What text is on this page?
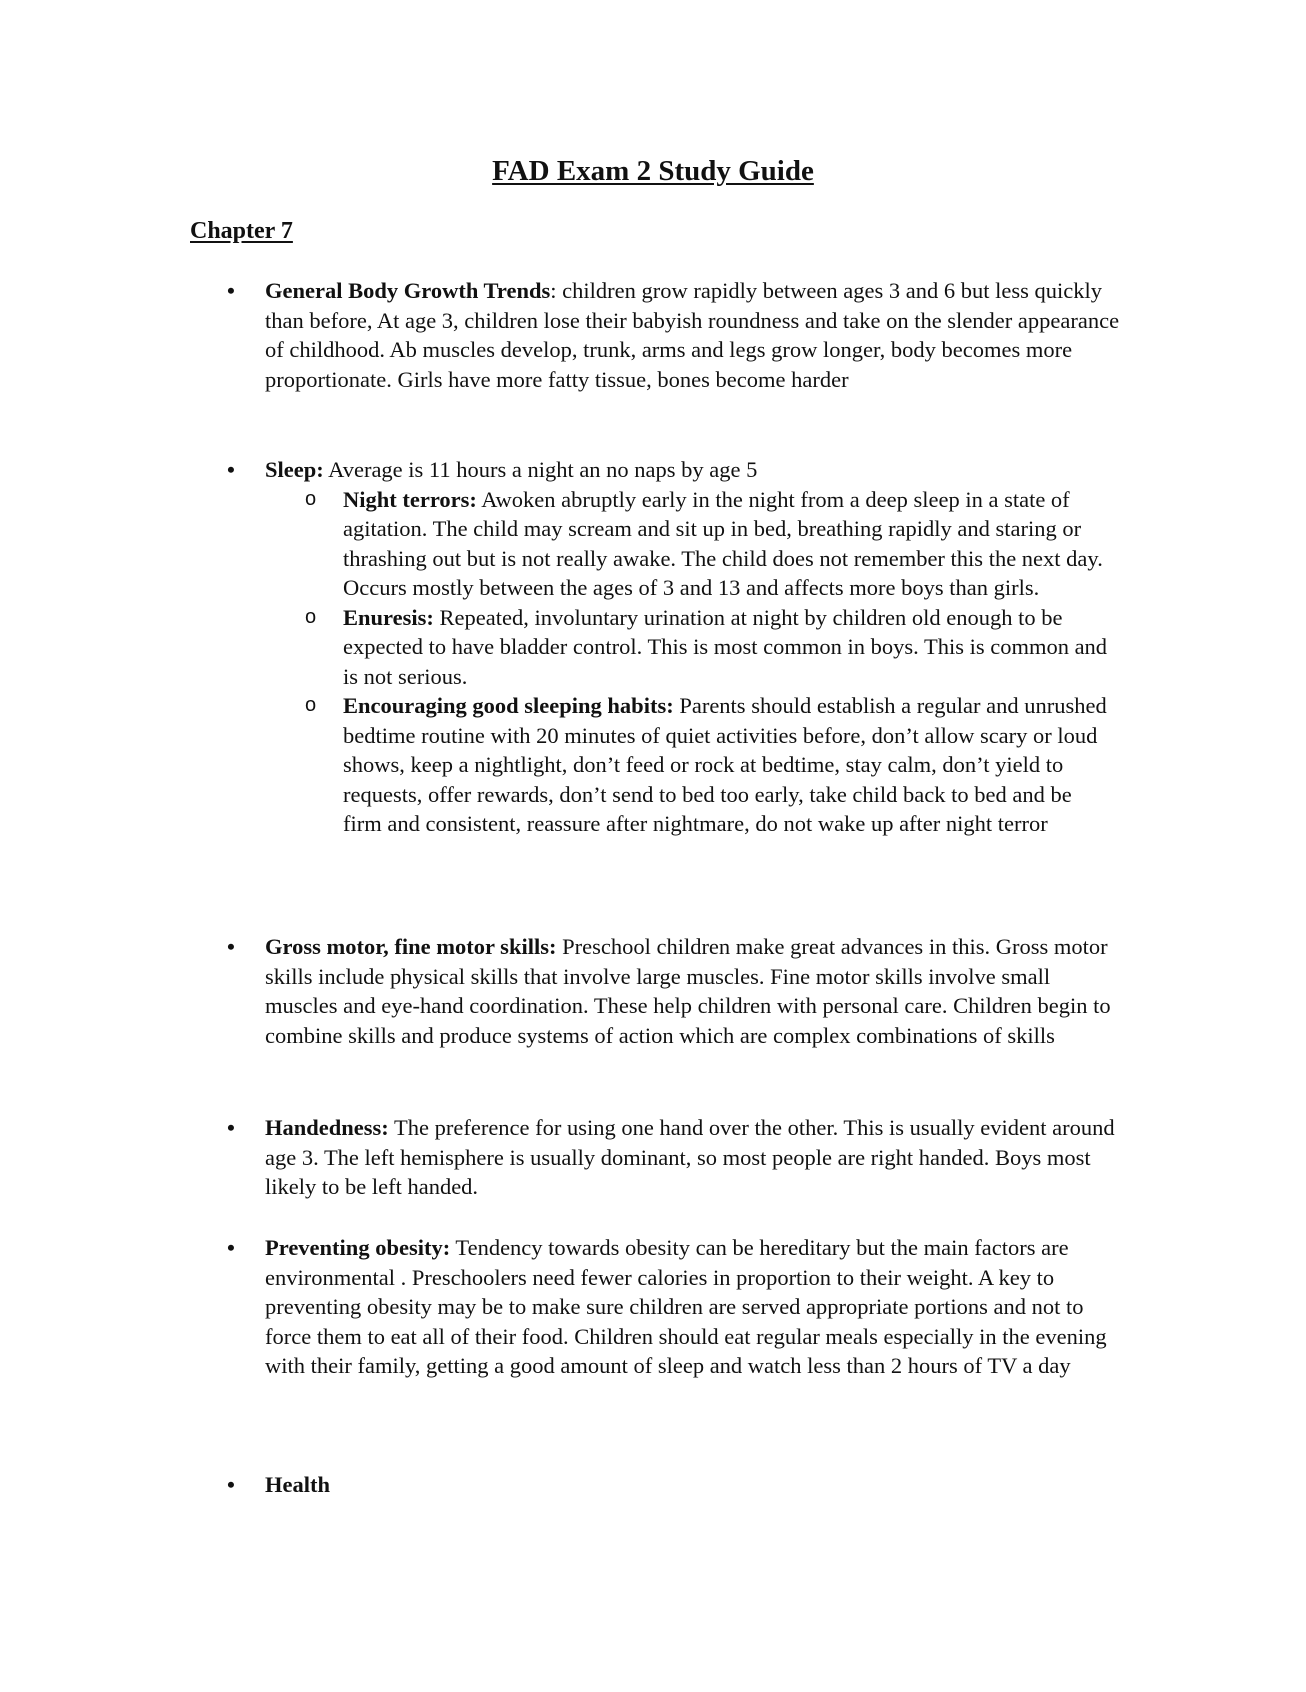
FAD Exam 2 Study Guide
Chapter 7
• General Body Growth Trends: children grow rapidly between ages 3 and 6 but less quickly than before, At age 3, children lose their babyish roundness and take on the slender appearance of childhood. Ab muscles develop, trunk, arms and legs grow longer, body becomes more proportionate. Girls have more fatty tissue, bones become harder
• Sleep: Average is 11 hours a night an no naps by age 5
o Night terrors: Awoken abruptly early in the night from a deep sleep in a state of agitation. The child may scream and sit up in bed, breathing rapidly and staring or thrashing out but is not really awake. The child does not remember this the next day. Occurs mostly between the ages of 3 and 13 and affects more boys than girls.
o Enuresis: Repeated, involuntary urination at night by children old enough to be expected to have bladder control. This is most common in boys. This is common and is not serious.
o Encouraging good sleeping habits: Parents should establish a regular and unrushed bedtime routine with 20 minutes of quiet activities before, don’t allow scary or loud shows, keep a nightlight, don’t feed or rock at bedtime, stay calm, don’t yield to requests, offer rewards, don’t send to bed too early, take child back to bed and be firm and consistent, reassure after nightmare, do not wake up after night terror
• Gross motor, fine motor skills: Preschool children make great advances in this. Gross motor skills include physical skills that involve large muscles. Fine motor skills involve small muscles and eye-hand coordination. These help children with personal care. Children begin to combine skills and produce systems of action which are complex combinations of skills
• Handedness: The preference for using one hand over the other. This is usually evident around age 3. The left hemisphere is usually dominant, so most people are right handed. Boys most likely to be left handed.
• Preventing obesity: Tendency towards obesity can be hereditary but the main factors are environmental . Preschoolers need fewer calories in proportion to their weight. A key to preventing obesity may be to make sure children are served appropriate portions and not to force them to eat all of their food. Children should eat regular meals especially in the evening with their family, getting a good amount of sleep and watch less than 2 hours of TV a day
• Health
